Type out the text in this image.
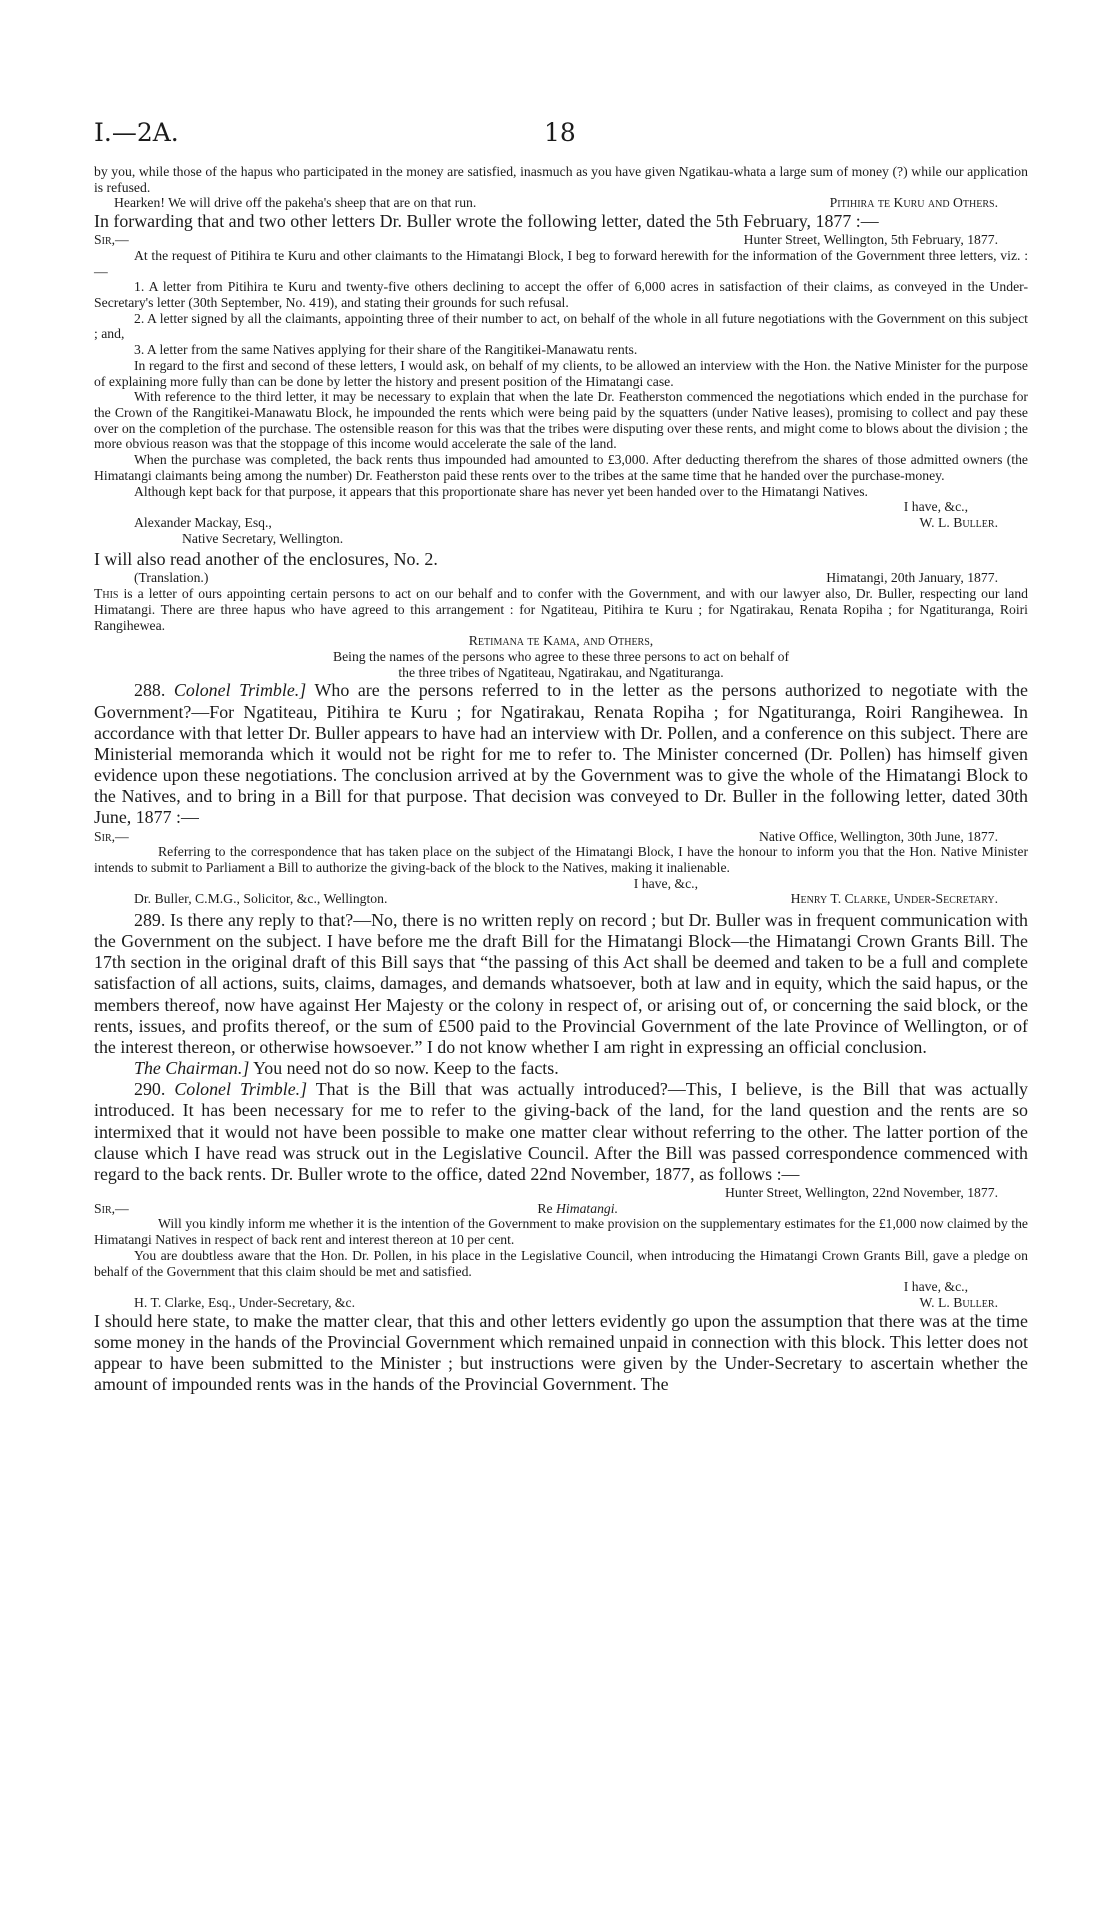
I.—2A.	18

by you, while those of the hapus who participated in the money are satisfied, inasmuch as you have given Ngatikau-whata a large sum of money (?) while our application is refused.

Hearken! We will drive off the pakeha's sheep that are on that run.	Pitihira te Kuru and Others.

In forwarding that and two other letters Dr. Buller wrote the following letter, dated the 5th February, 1877 :—

Sir,—	Hunter Street, Wellington, 5th February, 1877.

At the request of Pitihira te Kuru and other claimants to the Himatangi Block, I beg to forward herewith for the information of the Government three letters, viz. :—

1. A letter from Pitihira te Kuru and twenty-five others declining to accept the offer of 6,000 acres in satisfaction of their claims, as conveyed in the Under-Secretary's letter (30th September, No. 419), and stating their grounds for such refusal.

2. A letter signed by all the claimants, appointing three of their number to act, on behalf of the whole in all future negotiations with the Government on this subject ; and,

3. A letter from the same Natives applying for their share of the Rangitikei-Manawatu rents.

In regard to the first and second of these letters, I would ask, on behalf of my clients, to be allowed an interview with the Hon. the Native Minister for the purpose of explaining more fully than can be done by letter the history and present position of the Himatangi case.

With reference to the third letter, it may be necessary to explain that when the late Dr. Featherston commenced the negotiations which ended in the purchase for the Crown of the Rangitikei-Manawatu Block, he impounded the rents which were being paid by the squatters (under Native leases), promising to collect and pay these over on the completion of the purchase. The ostensible reason for this was that the tribes were disputing over these rents, and might come to blows about the division ; the more obvious reason was that the stoppage of this income would accelerate the sale of the land.

When the purchase was completed, the back rents thus impounded had amounted to £3,000. After deducting therefrom the shares of those admitted owners (the Himatangi claimants being among the number) Dr. Featherston paid these rents over to the tribes at the same time that he handed over the purchase-money.

Although kept back for that purpose, it appears that this proportionate share has never yet been handed over to the Himatangi Natives.

I have, &c.,
Alexander Mackay, Esq.,	W. L. Buller.

Native Secretary, Wellington.

I will also read another of the enclosures, No. 2.

(Translation.)	Himatangi, 20th January, 1877.

This is a letter of ours appointing certain persons to act on our behalf and to confer with the Government, and with our lawyer also, Dr. Buller, respecting our land Himatangi. There are three hapus who have agreed to this arrangement : for Ngatiteau, Pitihira te Kuru ; for Ngatirakau, Renata Ropiha ; for Ngatituranga, Roiri Rangihewea.

Retimana te Kama, and Others,

Being the names of the persons who agree to these three persons to act on behalf of

the three tribes of Ngatiteau, Ngatirakau, and Ngatituranga.

288. Colonel Trimble.] Who are the persons referred to in the letter as the persons authorized to negotiate with the Government?—For Ngatiteau, Pitihira te Kuru ; for Ngatirakau, Renata Ropiha ; for Ngatituranga, Roiri Rangihewea. In accordance with that letter Dr. Buller appears to have had an interview with Dr. Pollen, and a conference on this subject. There are Ministerial memoranda which it would not be right for me to refer to. The Minister concerned (Dr. Pollen) has himself given evidence upon these negotiations. The conclusion arrived at by the Government was to give the whole of the Himatangi Block to the Natives, and to bring in a Bill for that purpose. That decision was conveyed to Dr. Buller in the following letter, dated 30th June, 1877 :—

Sir,—	Native Office, Wellington, 30th June, 1877.

Referring to the correspondence that has taken place on the subject of the Himatangi Block, I have the honour to inform you that the Hon. Native Minister intends to submit to Parliament a Bill to authorize the giving-back of the block to the Natives, making it inalienable.

I have, &c.,
Dr. Buller, C.M.G., Solicitor, &c., Wellington.	Henry T. Clarke, Under-Secretary.

289. Is there any reply to that?—No, there is no written reply on record ; but Dr. Buller was in frequent communication with the Government on the subject. I have before me the draft Bill for the Himatangi Block—the Himatangi Crown Grants Bill. The 17th section in the original draft of this Bill says that “the passing of this Act shall be deemed and taken to be a full and complete satisfaction of all actions, suits, claims, damages, and demands whatsoever, both at law and in equity, which the said hapus, or the members thereof, now have against Her Majesty or the colony in respect of, or arising out of, or concerning the said block, or the rents, issues, and profits thereof, or the sum of £500 paid to the Provincial Government of the late Province of Wellington, or of the interest thereon, or otherwise howsoever.” I do not know whether I am right in expressing an official conclusion.

The Chairman.] You need not do so now. Keep to the facts.

290. Colonel Trimble.] That is the Bill that was actually introduced?—This, I believe, is the Bill that was actually introduced. It has been necessary for me to refer to the giving-back of the land, for the land question and the rents are so intermixed that it would not have been possible to make one matter clear without referring to the other. The latter portion of the clause which I have read was struck out in the Legislative Council. After the Bill was passed correspondence commenced with regard to the back rents. Dr. Buller wrote to the office, dated 22nd November, 1877, as follows :—

Hunter Street, Wellington, 22nd November, 1877.

Sir,—	Re Himatangi.

Will you kindly inform me whether it is the intention of the Government to make provision on the supplementary estimates for the £1,000 now claimed by the Himatangi Natives in respect of back rent and interest thereon at 10 per cent.

You are doubtless aware that the Hon. Dr. Pollen, in his place in the Legislative Council, when introducing the Himatangi Crown Grants Bill, gave a pledge on behalf of the Government that this claim should be met and satisfied.

I have, &c.,
H. T. Clarke, Esq., Under-Secretary, &c.	W. L. Buller.

I should here state, to make the matter clear, that this and other letters evidently go upon the assumption that there was at the time some money in the hands of the Provincial Government which remained unpaid in connection with this block. This letter does not appear to have been submitted to the Minister ; but instructions were given by the Under-Secretary to ascertain whether the amount of impounded rents was in the hands of the Provincial Government. The
